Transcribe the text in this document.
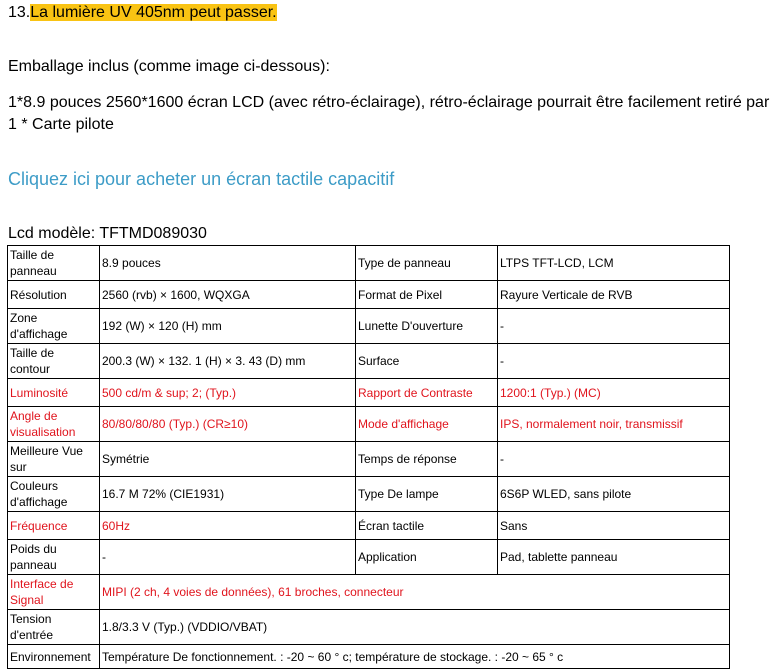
13.La lumière UV 405nm peut passer.
Emballage inclus (comme image ci-dessous):
1*8.9 pouces 2560*1600 écran LCD (avec rétro-éclairage), rétro-éclairage pourrait être facilement retiré par
1 * Carte pilote
Cliquez ici pour acheter un écran tactile capacitif
Lcd modèle: TFTMD089030
Taille de panneau	8.9 pouces	Type de panneau	LTPS TFT-LCD, LCM
Résolution	2560 (rvb) × 1600, WQXGA	Format de Pixel	Rayure Verticale de RVB
Zone d'affichage	192 (W) × 120 (H) mm	Lunette D'ouverture	-
Taille de contour	200.3 (W) × 132. 1 (H) × 3. 43 (D) mm	Surface	-
Luminosité	500 cd/m & sup; 2; (Typ.)	Rapport de Contraste	1200:1 (Typ.) (MC)
Angle de visualisation	80/80/80/80 (Typ.) (CR≥10)	Mode d'affichage	IPS, normalement noir, transmissif
Meilleure Vue sur	Symétrie	Temps de réponse	-
Couleurs d'affichage	16.7 M 72% (CIE1931)	Type De lampe	6S6P WLED, sans pilote
Fréquence	60Hz	Écran tactile	Sans
Poids du panneau	-	Application	Pad, tablette panneau
Interface de Signal	MIPI (2 ch, 4 voies de données), 61 broches, connecteur		
Tension d'entrée	1.8/3.3 V (Typ.) (VDDIO/VBAT)		
Environnement	Température De fonctionnement. : -20 ~ 60 ° c; température de stockage. : -20 ~ 65 ° c		
